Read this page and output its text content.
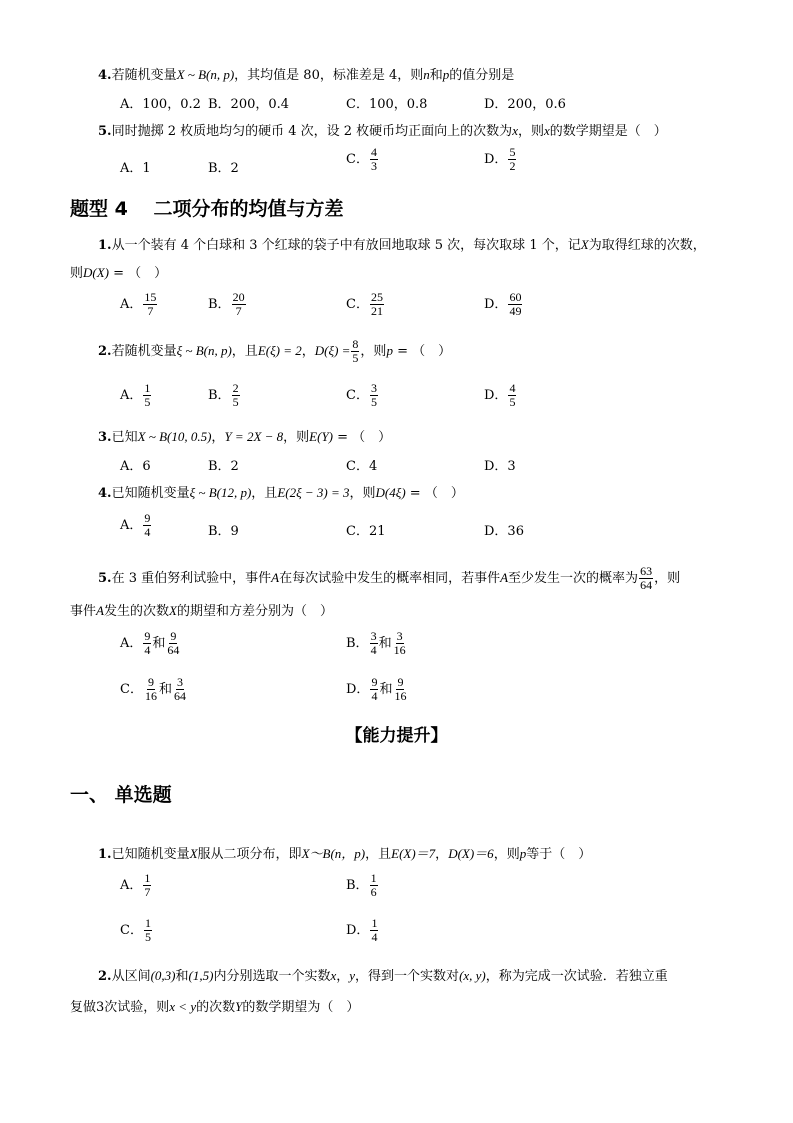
4.若随机变量X ~ B(n, p)，其均值是 80，标准差是 4，则n和p的值分别是
A．100，0.2 B．200，0.4	C．100，0.8	D．200，0.6
5.同时抛掷 2 枚质地均匀的硬币 4 次，设 2 枚硬币均正面向上的次数为x，则x的数学期望是（　）
A．1	B．2
C． $\frac{4}{3}$	D． $\frac{5}{2}$
题型 4　 二项分布的均值与方差
1.从一个装有 4 个白球和 3 个红球的袋子中有放回地取球 5 次，每次取球 1 个，记X为取得红球的次数，
则D(X) = （　）
A． $\frac{15}{7}$	B． $\frac{20}{7}$	C． $\frac{25}{21}$	D． $\frac{60}{49}$
2.若随机变量ξ ~ B(n, p)，且E(ξ) = 2，$D(\xi) = \frac{8}{5}$ ，则p = （　）
A． $\frac{1}{5}$	B． $\frac{2}{5}$	C． $\frac{3}{5}$	D． $\frac{4}{5}$
3.已知X ~ B(10, 0.5)，Y = 2X − 8，则E(Y) = （　）
A．6	B．2	C．4	D．3
4.已知随机变量ξ ~ B(12, p)，且E(2ξ − 3) = 3，则D(4ξ) = （　）
A． $\frac{9}{4}$	B．9	C．21	D．36
5.在 3 重伯努利试验中，事件A在每次试验中发生的概率相同，若事件A至少发生一次的概率为 $\frac{63}{64}$ ，则
事件A发生的次数X的期望和方差分别为（　）
A． $\frac{9}{4}$ 和 $\frac{9}{64}$	B． $\frac{3}{4}$ 和 $\frac{3}{16}$
C． $\frac{9}{16}$ 和 $\frac{3}{64}$	D． $\frac{9}{4}$ 和 $\frac{9}{16}$
【能力提升】
一、 单选题
1.已知随机变量X服从二项分布，即X～B(n，p)，且E(X)＝7，D(X)＝6，则p等于（　）
A． $\frac{1}{7}$	B． $\frac{1}{6}$
C． $\frac{1}{5}$	D． $\frac{1}{4}$
2.从区间(0,3)和(1,5)内分别选取一个实数x，y，得到一个实数对(x, y)，称为完成一次试验．若独立重
复做3次试验，则x < y的次数Y的数学期望为（　）
